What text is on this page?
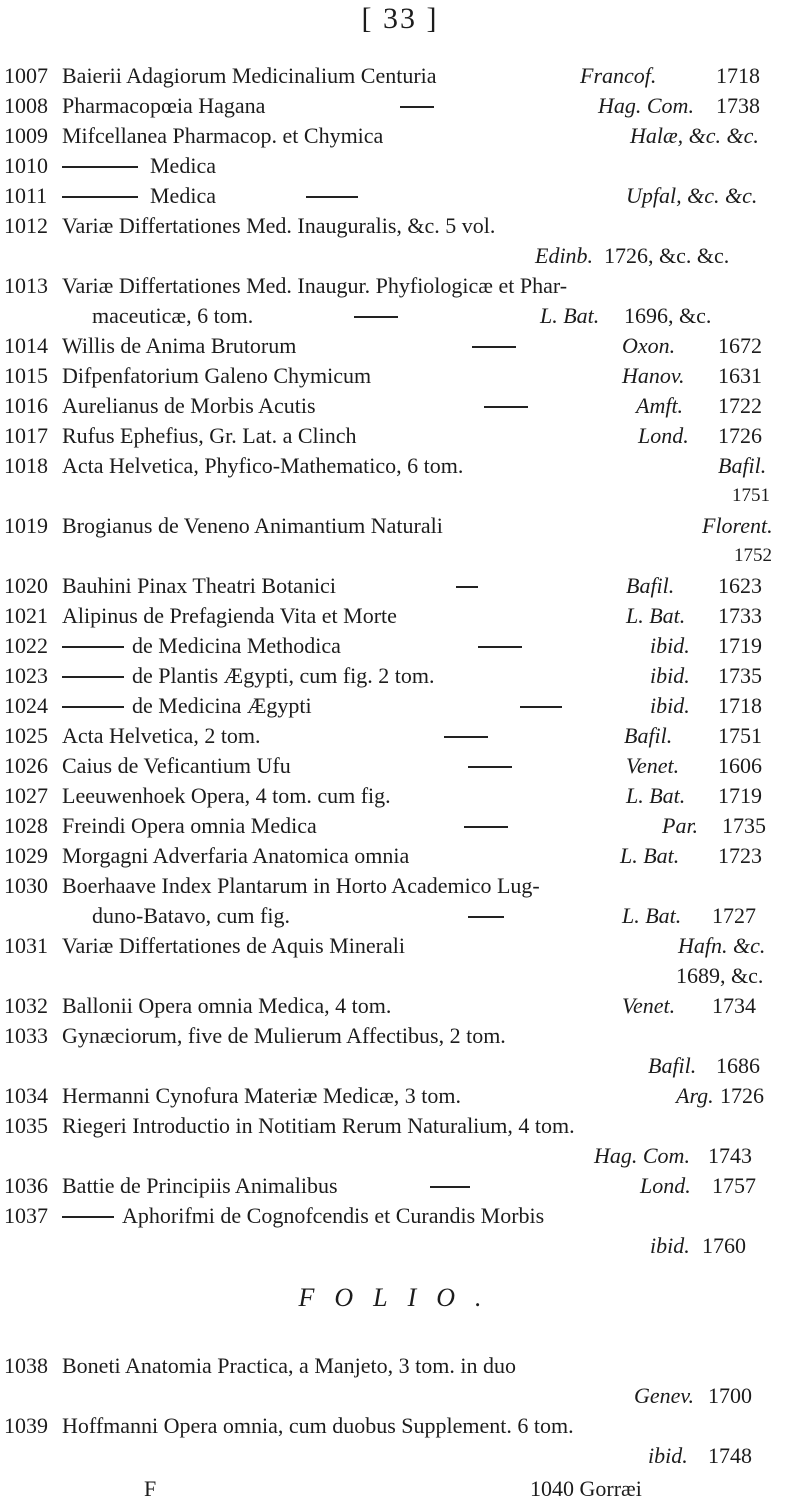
[ 33 ]
1007 Baierii Adagiorum Medicinalium Centuria	Francof.	1718
1008 Pharmacopœia Hagana	Hag. Com. 1738
1009 Mifcellanea Pharmacop. et Chymica	Halæ, &c. &c.
1010	Medica
1011	Medica	Upfal, &c. &c.
1012 Variæ Differtationes Med. Inauguralis, &c. 5 vol.
Edinb. 1726, &c. &c.
1013 Variæ Differtationes Med. Inaugur. Phyfiologicæ et Phar-
maceuticæ, 6 tom.	L. Bat. 1696, &c.
1014 Willis de Anima Brutorum	Oxon. 1672
1015 Difpenfatorium Galeno Chymicum	Hanov. 1631
1016 Aurelianus de Morbis Acutis	Amft. 1722
1017 Rufus Ephefius, Gr. Lat. a Clinch	Lond. 1726
1018 Acta Helvetica, Phyfico-Mathematico, 6 tom.	Bafil.
1751
1019 Brogianus de Veneno Animantium Naturali	Florent.
1752
1020 Bauhini Pinax Theatri Botanici	Bafil. 1623
1021 Alipinus de Prefagienda Vita et Morte	L. Bat. 1733
1022	de Medicina Methodica	ibid. 1719
1023	de Plantis Ægypti, cum fig. 2 tom.	ibid. 1735
1024	de Medicina Ægypti	ibid. 1718
1025 Acta Helvetica, 2 tom.	Bafil. 1751
1026 Caius de Veficantium Ufu	Venet. 1606
1027 Leeuwenhoek Opera, 4 tom. cum fig.	L. Bat. 1719
1028 Freindi Opera omnia Medica	Par. 1735
1029 Morgagni Adverfaria Anatomica omnia	L. Bat. 1723
1030 Boerhaave Index Plantarum in Horto Academico Lug-
duno-Batavo, cum fig.	L. Bat. 1727
1031 Variæ Differtationes de Aquis Minerali	Hafn. &c.
1689, &c.
1032 Ballonii Opera omnia Medica, 4 tom.	Venet. 1734
1033 Gynæciorum, five de Mulierum Affectibus, 2 tom.
Bafil. 1686
1034 Hermanni Cynofura Materiæ Medicæ, 3 tom.	Arg. 1726
1035 Riegeri Introductio in Notitiam Rerum Naturalium, 4 tom.
Hag. Com. 1743
1036 Battie de Principiis Animalibus	Lond. 1757
1037	Aphorifmi de Cognofcendis et Curandis Morbis
ibid. 1760
FOLIO.
1038 Boneti Anatomia Practica, a Manjeto, 3 tom. in duo
Genev. 1700
1039 Hoffmanni Opera omnia, cum duobus Supplement. 6 tom.
ibid. 1748
F	1040 Gorræi
